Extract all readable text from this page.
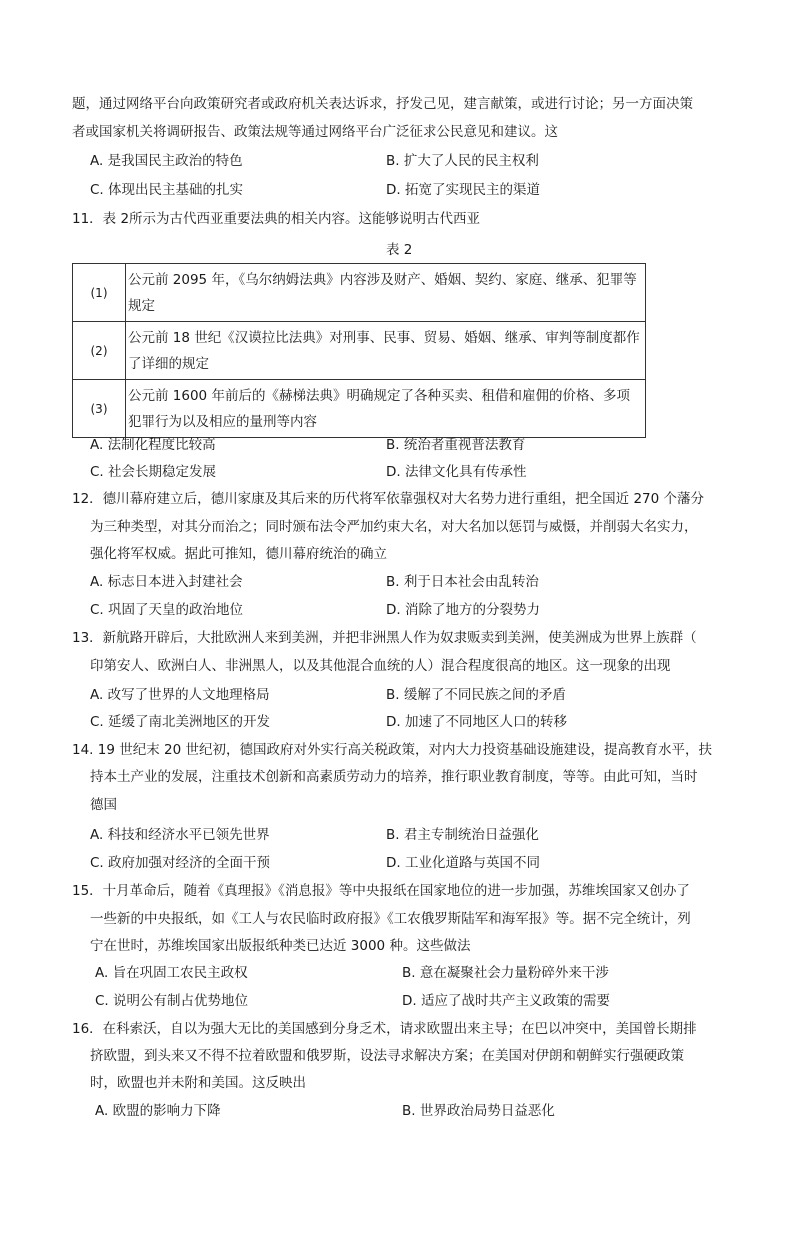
题，通过网络平台向政策研究者或政府机关表达诉求，抒发己见，建言献策，或进行讨论；另一方面决策
者或国家机关将调研报告、政策法规等通过网络平台广泛征求公民意见和建议。这
A. 是我国民主政治的特色	B. 扩大了人民的民主权利
C. 体现出民主基础的扎实	D. 拓宽了实现民主的渠道
11．表 2所示为古代西亚重要法典的相关内容。这能够说明古代西亚
表 2
(1)	公元前 2095 年，《乌尔纳姆法典》内容涉及财产、婚姻、契约、家庭、继承、犯罪等规定
(2)	公元前 18 世纪《汉谟拉比法典》对刑事、民事、贸易、婚姻、继承、审判等制度都作了详细的规定
(3)	公元前 1600 年前后的《赫梯法典》明确规定了各种买卖、租借和雇佣的价格、多项犯罪行为以及相应的量刑等内容
A. 法制化程度比较高	B. 统治者重视普法教育
C. 社会长期稳定发展	D. 法律文化具有传承性
12．德川幕府建立后，德川家康及其后来的历代将军依靠强权对大名势力进行重组，把全国近 270 个藩分
为三种类型，对其分而治之；同时颁布法令严加约束大名，对大名加以惩罚与威慑，并削弱大名实力，
强化将军权威。据此可推知，德川幕府统治的确立
A. 标志日本进入封建社会	B. 利于日本社会由乱转治
C. 巩固了天皇的政治地位	D. 消除了地方的分裂势力
13．新航路开辟后，大批欧洲人来到美洲，并把非洲黑人作为奴隶贩卖到美洲，使美洲成为世界上族群（
印第安人、欧洲白人、非洲黑人，以及其他混合血统的人）混合程度很高的地区。这一现象的出现
A. 改写了世界的人文地理格局	B. 缓解了不同民族之间的矛盾
C. 延缓了南北美洲地区的开发	D. 加速了不同地区人口的转移
14. 19 世纪末 20 世纪初，德国政府对外实行高关税政策，对内大力投资基础设施建设，提高教育水平，扶
持本土产业的发展，注重技术创新和高素质劳动力的培养，推行职业教育制度，等等。由此可知，当时
德国
A. 科技和经济水平已领先世界	B. 君主专制统治日益强化
C. 政府加强对经济的全面干预	D. 工业化道路与英国不同
15．十月革命后，随着《真理报》《消息报》等中央报纸在国家地位的进一步加强，苏维埃国家又创办了
一些新的中央报纸，如《工人与农民临时政府报》《工农俄罗斯陆军和海军报》等。据不完全统计，列
宁在世时，苏维埃国家出版报纸种类已达近 3000 种。这些做法
A. 旨在巩固工农民主政权	B. 意在凝聚社会力量粉碎外来干涉
C. 说明公有制占优势地位	D. 适应了战时共产主义政策的需要
16．在科索沃，自以为强大无比的美国感到分身乏术，请求欧盟出来主导；在巴以冲突中，美国曾长期排
挤欧盟，到头来又不得不拉着欧盟和俄罗斯，设法寻求解决方案；在美国对伊朗和朝鲜实行强硬政策
时，欧盟也并未附和美国。这反映出
A. 欧盟的影响力下降	B. 世界政治局势日益恶化
